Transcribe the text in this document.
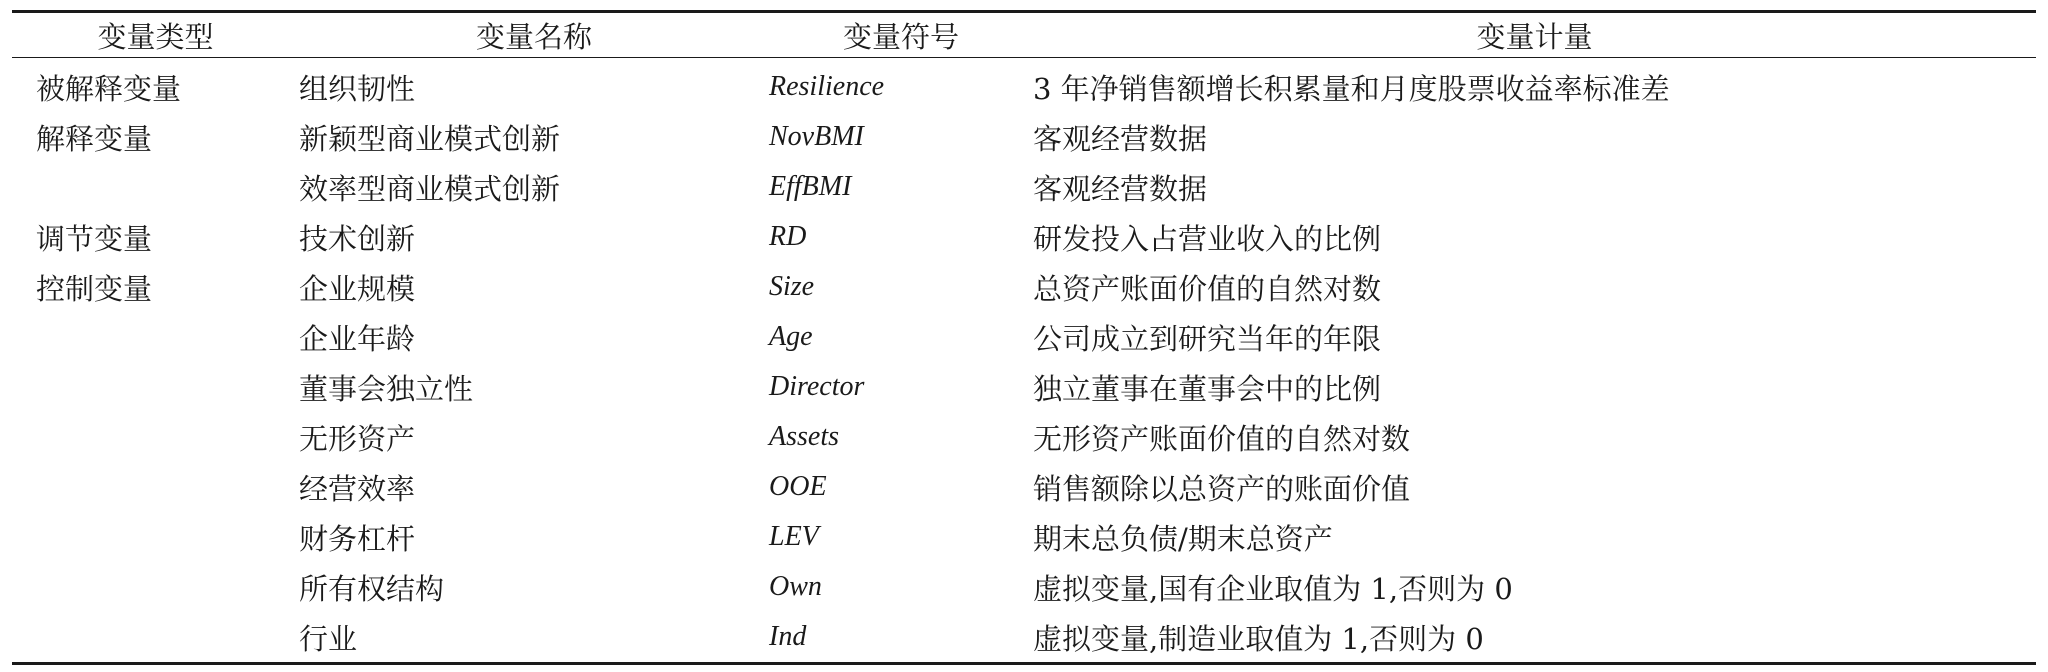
变量类型	变量名称	变量符号	变量计量
被解释变量	组织韧性	Resilience	3 年净销售额增长积累量和月度股票收益率标准差
解释变量	新颖型商业模式创新	NovBMI	客观经营数据
	效率型商业模式创新	EffBMI	客观经营数据
调节变量	技术创新	RD	研发投入占营业收入的比例
控制变量	企业规模	Size	总资产账面价值的自然对数
	企业年龄	Age	公司成立到研究当年的年限
	董事会独立性	Director	独立董事在董事会中的比例
	无形资产	Assets	无形资产账面价值的自然对数
	经营效率	OOE	销售额除以总资产的账面价值
	财务杠杆	LEV	期末总负债/期末总资产
	所有权结构	Own	虚拟变量,国有企业取值为 1,否则为 0
	行业	Ind	虚拟变量,制造业取值为 1,否则为 0
